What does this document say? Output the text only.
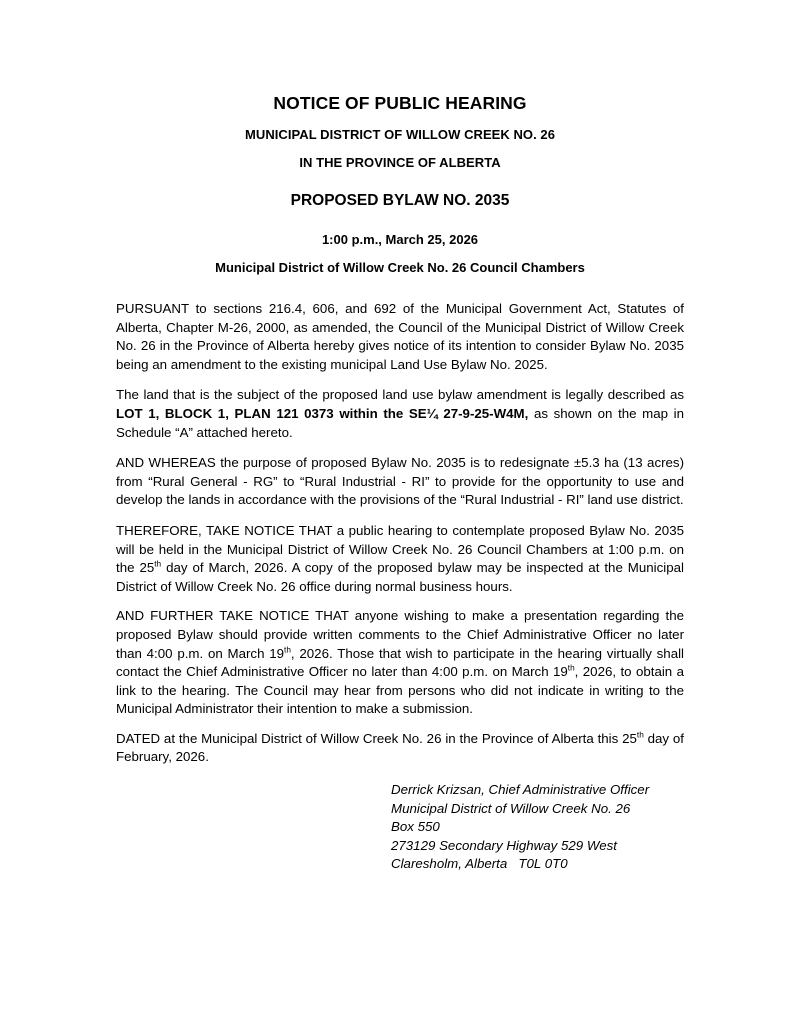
NOTICE OF PUBLIC HEARING
MUNICIPAL DISTRICT OF WILLOW CREEK NO. 26
IN THE PROVINCE OF ALBERTA
PROPOSED BYLAW NO. 2035
1:00 p.m., March 25, 2026
Municipal District of Willow Creek No. 26 Council Chambers

PURSUANT to sections 216.4, 606, and 692 of the Municipal Government Act, Statutes of Alberta, Chapter M-26, 2000, as amended, the Council of the Municipal District of Willow Creek No. 26 in the Province of Alberta hereby gives notice of its intention to consider Bylaw No. 2035 being an amendment to the existing municipal Land Use Bylaw No. 2025.

The land that is the subject of the proposed land use bylaw amendment is legally described as LOT 1, BLOCK 1, PLAN 121 0373 within the SE¼ 27-9-25-W4M, as shown on the map in Schedule “A” attached hereto.

AND WHEREAS the purpose of proposed Bylaw No. 2035 is to redesignate ±5.3 ha (13 acres) from “Rural General - RG” to “Rural Industrial - RI” to provide for the opportunity to use and develop the lands in accordance with the provisions of the “Rural Industrial - RI” land use district.

THEREFORE, TAKE NOTICE THAT a public hearing to contemplate proposed Bylaw No. 2035 will be held in the Municipal District of Willow Creek No. 26 Council Chambers at 1:00 p.m. on the 25th day of March, 2026. A copy of the proposed bylaw may be inspected at the Municipal District of Willow Creek No. 26 office during normal business hours.

AND FURTHER TAKE NOTICE THAT anyone wishing to make a presentation regarding the proposed Bylaw should provide written comments to the Chief Administrative Officer no later than 4:00 p.m. on March 19th, 2026. Those that wish to participate in the hearing virtually shall contact the Chief Administrative Officer no later than 4:00 p.m. on March 19th, 2026, to obtain a link to the hearing. The Council may hear from persons who did not indicate in writing to the Municipal Administrator their intention to make a submission.

DATED at the Municipal District of Willow Creek No. 26 in the Province of Alberta this 25th day of February, 2026.

Derrick Krizsan, Chief Administrative Officer
Municipal District of Willow Creek No. 26
Box 550
273129 Secondary Highway 529 West
Claresholm, Alberta   T0L 0T0
